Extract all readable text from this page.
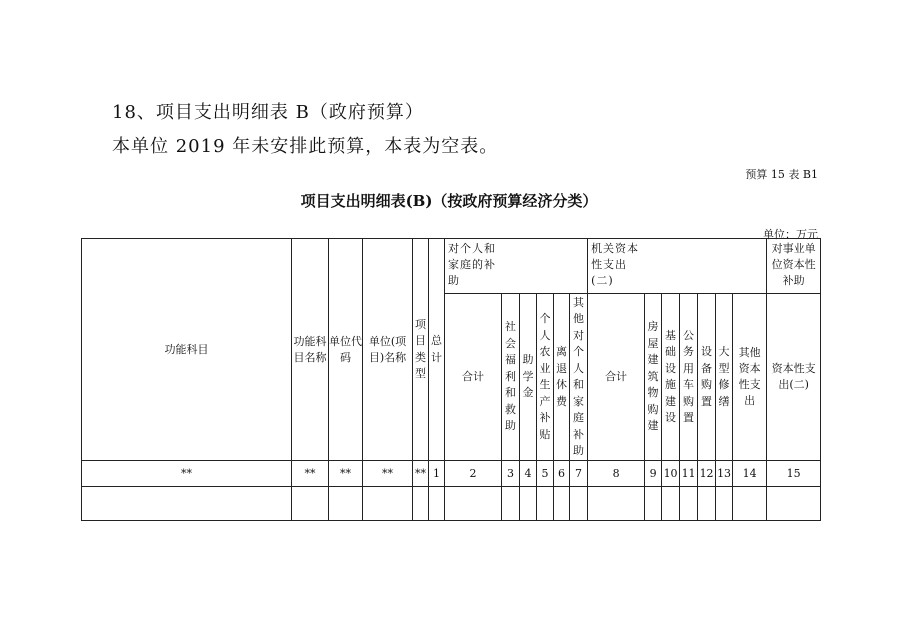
18、项目支出明细表 B（政府预算）
本单位 2019 年未安排此预算，本表为空表。
预算 15 表 B1
项目支出明细表(B)（按政府预算经济分类）
单位：万元
功能科目	功能科目名称	单位代码	单位(项目)名称	项目类型	总计	对个人和家庭的补助						机关资本性支出(二)							对事业单位资本性补助

						合计	社会福利和救助	助学金	个人农业生产补贴	离退休费	其他对个人和家庭补助	合计	房屋建筑物购建	基础设施建设	公务用车购置	设备购置	大型修缮	其他资本性支出	资本性支出(二)

**	**	**	**	**	1	2	3	4	5	6	7	8	9	10	11	12	13	14	15
